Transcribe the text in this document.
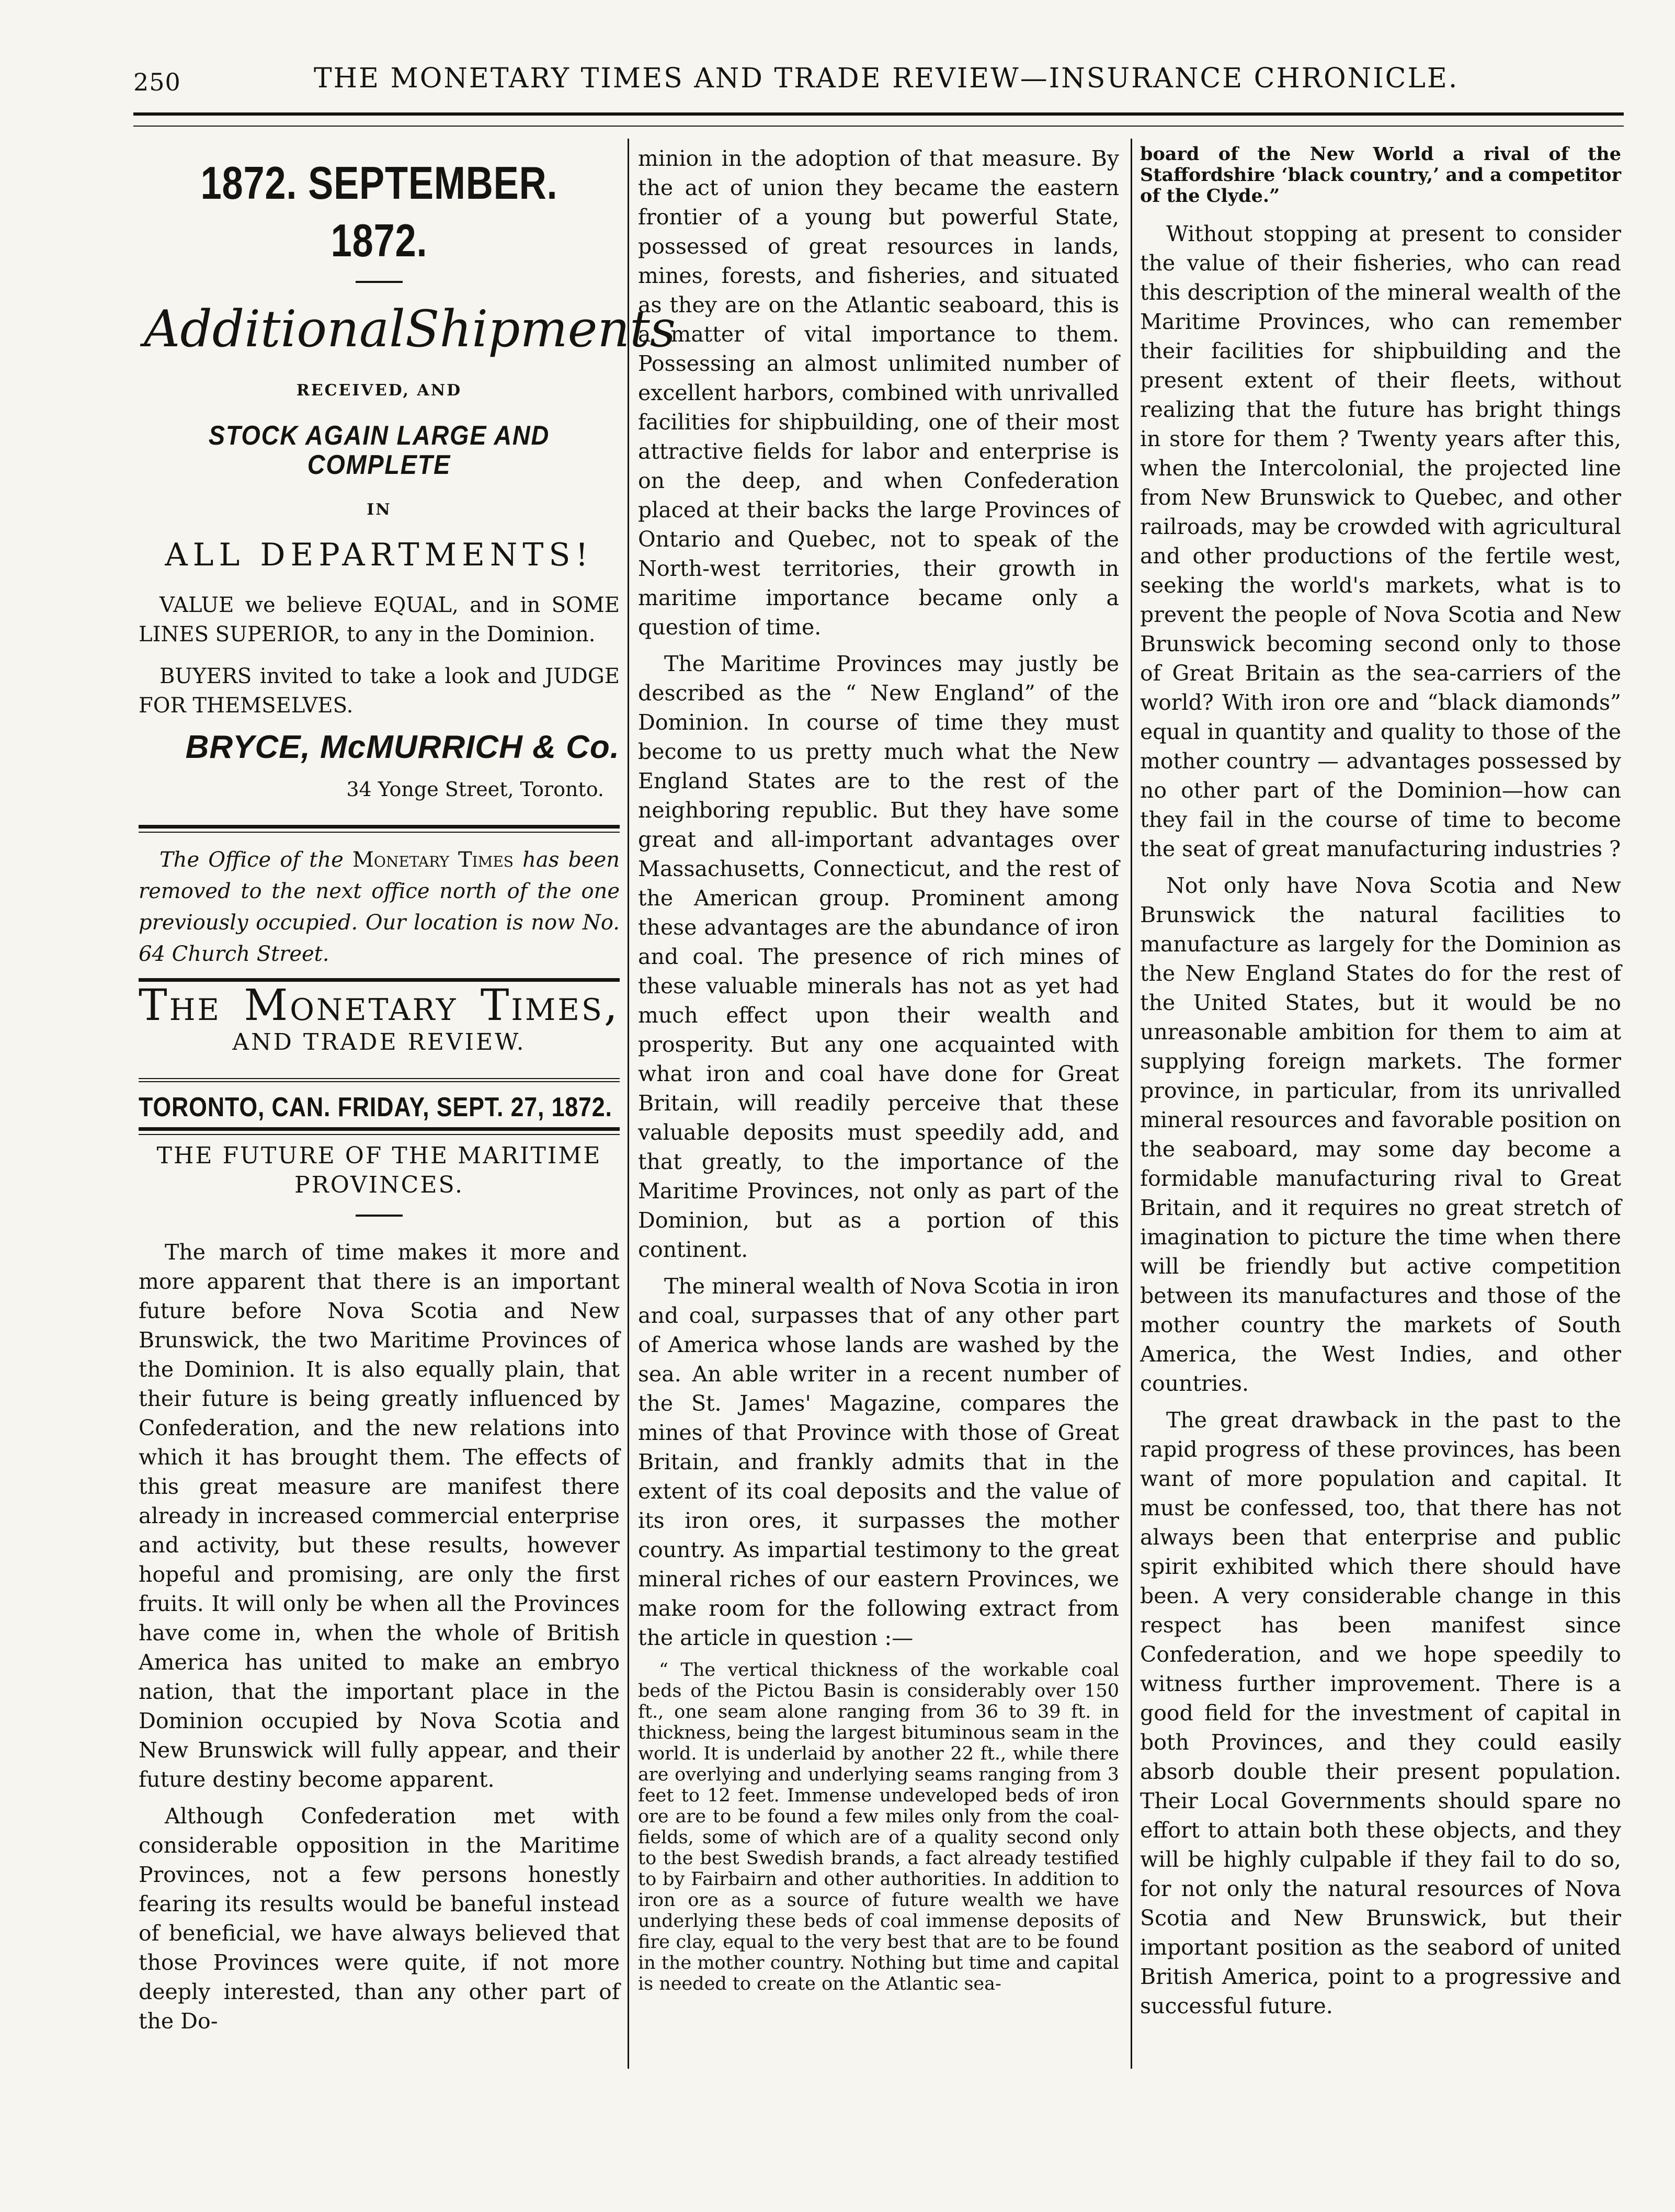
250	THE MONETARY TIMES AND TRADE REVIEW—INSURANCE CHRONICLE.
1872. SEPTEMBER. 1872.
Additional Shipments
RECEIVED, AND
STOCK AGAIN LARGE AND COMPLETE
IN
ALL DEPARTMENTS!

VALUE we believe EQUAL, and in SOME LINES SUPERIOR, to any in the Dominion.

BUYERS invited to take a look and JUDGE FOR THEMSELVES.

BRYCE, McMURRICH & Co.
34 Yonge Street, Toronto.

The Office of the Monetary Times has been removed to the next office north of the one previously occupied. Our location is now No. 64 Church Street.

The Monetary Times,
AND TRADE REVIEW.
TORONTO, CAN. FRIDAY, SEPT. 27, 1872.
THE FUTURE OF THE MARITIME PROVINCES.

The march of time makes it more and more apparent that there is an important future before Nova Scotia and New Brunswick, the two Maritime Provinces of the Dominion. It is also equally plain, that their future is being greatly influenced by Confederation, and the new relations into which it has brought them. The effects of this great measure are manifest there already in increased commercial enterprise and activity, but these results, however hopeful and promising, are only the first fruits. It will only be when all the Provinces have come in, when the whole of British America has united to make an embryo nation, that the important place in the Dominion occupied by Nova Scotia and New Brunswick will fully appear, and their future destiny become apparent.

Although Confederation met with considerable opposition in the Maritime Provinces, not a few persons honestly fearing its results would be baneful instead of beneficial, we have always believed that those Provinces were quite, if not more deeply interested, than any other part of the Do-

minion in the adoption of that measure. By the act of union they became the eastern frontier of a young but powerful State, possessed of great resources in lands, mines, forests, and fisheries, and situated as they are on the Atlantic seaboard, this is a matter of vital importance to them. Possessing an almost unlimited number of excellent harbors, combined with unrivalled facilities for shipbuilding, one of their most attractive fields for labor and enterprise is on the deep, and when Confederation placed at their backs the large Provinces of Ontario and Quebec, not to speak of the North-west territories, their growth in maritime importance became only a question of time.

The Maritime Provinces may justly be described as the “ New England” of the Dominion. In course of time they must become to us pretty much what the New England States are to the rest of the neighboring republic. But they have some great and all-important advantages over Massachusetts, Connecticut, and the rest of the American group. Prominent among these advantages are the abundance of iron and coal. The presence of rich mines of these valuable minerals has not as yet had much effect upon their wealth and prosperity. But any one acquainted with what iron and coal have done for Great Britain, will readily perceive that these valuable deposits must speedily add, and that greatly, to the importance of the Maritime Provinces, not only as part of the Dominion, but as a portion of this continent.

The mineral wealth of Nova Scotia in iron and coal, surpasses that of any other part of America whose lands are washed by the sea. An able writer in a recent number of the St. James' Magazine, compares the mines of that Province with those of Great Britain, and frankly admits that in the extent of its coal deposits and the value of its iron ores, it surpasses the mother country. As impartial testimony to the great mineral riches of our eastern Provinces, we make room for the following extract from the article in question :—

“ The vertical thickness of the workable coal beds of the Pictou Basin is considerably over 150 ft., one seam alone ranging from 36 to 39 ft. in thickness, being the largest bituminous seam in the world. It is underlaid by another 22 ft., while there are overlying and underlying seams ranging from 3 feet to 12 feet. Immense undeveloped beds of iron ore are to be found a few miles only from the coal-fields, some of which are of a quality second only to the best Swedish brands, a fact already testified to by Fairbairn and other authorities. In addition to iron ore as a source of future wealth we have underlying these beds of coal immense deposits of fire clay, equal to the very best that are to be found in the mother country. Nothing but time and capital is needed to create on the Atlantic sea-

board of the New World a rival of the Staffordshire ‘black country,’ and a competitor of the Clyde.”

Without stopping at present to consider the value of their fisheries, who can read this description of the mineral wealth of the Maritime Provinces, who can remember their facilities for shipbuilding and the present extent of their fleets, without realizing that the future has bright things in store for them ? Twenty years after this, when the Intercolonial, the projected line from New Brunswick to Quebec, and other railroads, may be crowded with agricultural and other productions of the fertile west, seeking the world's markets, what is to prevent the people of Nova Scotia and New Brunswick becoming second only to those of Great Britain as the sea-carriers of the world? With iron ore and “black diamonds” equal in quantity and quality to those of the mother country — advantages possessed by no other part of the Dominion—how can they fail in the course of time to become the seat of great manufacturing industries ?

Not only have Nova Scotia and New Brunswick the natural facilities to manufacture as largely for the Dominion as the New England States do for the rest of the United States, but it would be no unreasonable ambition for them to aim at supplying foreign markets. The former province, in particular, from its unrivalled mineral resources and favorable position on the seaboard, may some day become a formidable manufacturing rival to Great Britain, and it requires no great stretch of imagination to picture the time when there will be friendly but active competition between its manufactures and those of the mother country the markets of South America, the West Indies, and other countries.

The great drawback in the past to the rapid progress of these provinces, has been want of more population and capital. It must be confessed, too, that there has not always been that enterprise and public spirit exhibited which there should have been. A very considerable change in this respect has been manifest since Confederation, and we hope speedily to witness further improvement. There is a good field for the investment of capital in both Provinces, and they could easily absorb double their present population. Their Local Governments should spare no effort to attain both these objects, and they will be highly culpable if they fail to do so, for not only the natural resources of Nova Scotia and New Brunswick, but their important position as the seabord of united British America, point to a progressive and successful future.
